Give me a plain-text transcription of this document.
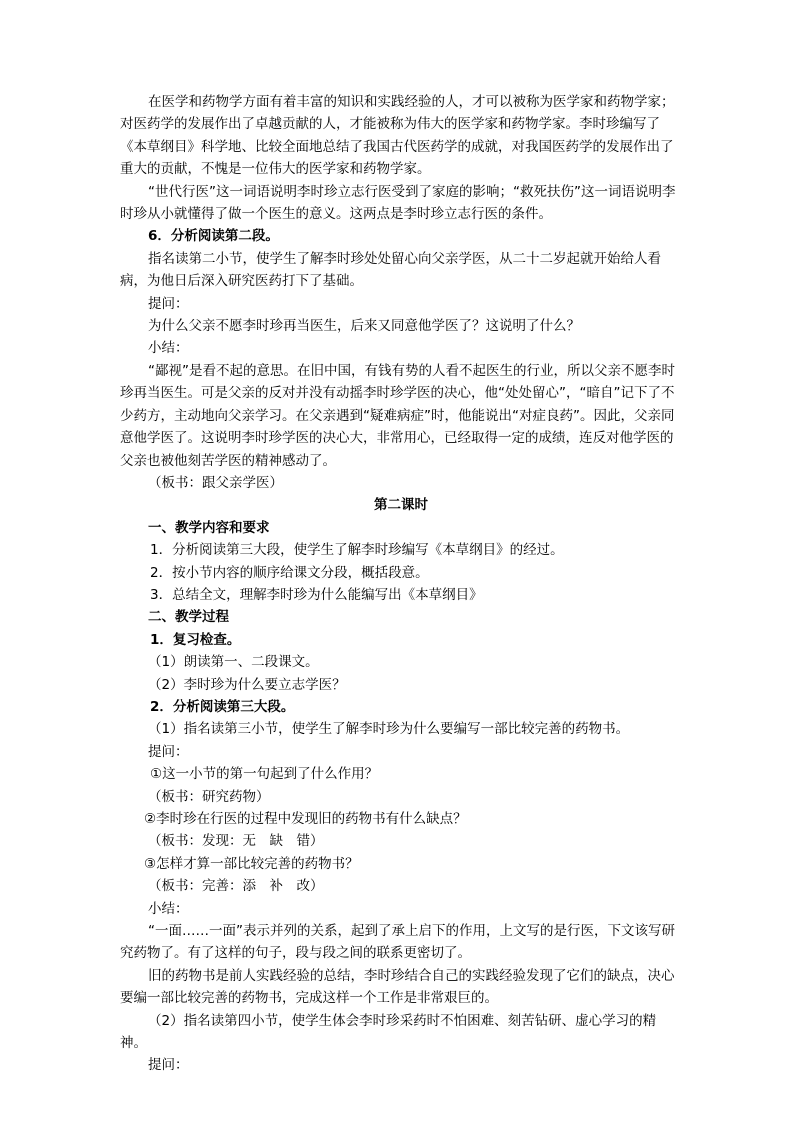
在医学和药物学方面有着丰富的知识和实践经验的人，才可以被称为医学家和药物学家；对医药学的发展作出了卓越贡献的人，才能被称为伟大的医学家和药物学家。李时珍编写了《本草纲目》科学地、比较全面地总结了我国古代医药学的成就，对我国医药学的发展作出了重大的贡献，不愧是一位伟大的医学家和药物学家。

“世代行医”这一词语说明李时珍立志行医受到了家庭的影响；“救死扶伤”这一词语说明李时珍从小就懂得了做一个医生的意义。这两点是李时珍立志行医的条件。

6．分析阅读第二段。

指名读第二小节，使学生了解李时珍处处留心向父亲学医，从二十二岁起就开始给人看病，为他日后深入研究医药打下了基础。

提问：

为什么父亲不愿李时珍再当医生，后来又同意他学医了？这说明了什么？

小结：

“鄙视”是看不起的意思。在旧中国，有钱有势的人看不起医生的行业，所以父亲不愿李时珍再当医生。可是父亲的反对并没有动摇李时珍学医的决心，他“处处留心”，“暗自”记下了不少药方，主动地向父亲学习。在父亲遇到“疑难病症”时，他能说出“对症良药”。因此，父亲同意他学医了。这说明李时珍学医的决心大，非常用心，已经取得一定的成绩，连反对他学医的父亲也被他刻苦学医的精神感动了。

（板书：跟父亲学医）

第二课时

一、教学内容和要求

1．分析阅读第三大段，使学生了解李时珍编写《本草纲目》的经过。

2．按小节内容的顺序给课文分段，概括段意。

3．总结全文，理解李时珍为什么能编写出《本草纲目》

二、教学过程

1．复习检查。

（1）朗读第一、二段课文。

（2）李时珍为什么要立志学医？

2．分析阅读第三大段。

（1）指名读第三小节，使学生了解李时珍为什么要编写一部比较完善的药物书。

提问：

①这一小节的第一句起到了什么作用？

（板书：研究药物）

②李时珍在行医的过程中发现旧的药物书有什么缺点？

（板书：发现：无　缺　错）

③怎样才算一部比较完善的药物书？

（板书：完善：添　补　改）

小结：

“一面……一面”表示并列的关系，起到了承上启下的作用，上文写的是行医，下文该写研究药物了。有了这样的句子，段与段之间的联系更密切了。

旧的药物书是前人实践经验的总结，李时珍结合自己的实践经验发现了它们的缺点，决心要编一部比较完善的药物书，完成这样一个工作是非常艰巨的。

（2）指名读第四小节，使学生体会李时珍采药时不怕困难、刻苦钻研、虚心学习的精神。

提问：
